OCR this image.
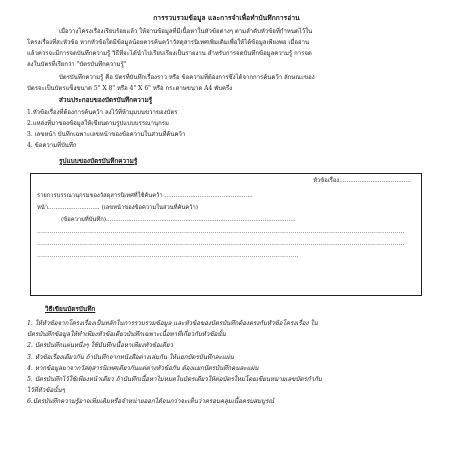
การรวบรวมข้อมูล และการจำเพื่อทำบันทึกการอ่าน
เมื่อวางโครงเรื่องเรียบร้อยแล้ว ให้อ่านข้อมูลที่มีเนื้อหาในหัวข้อต่างๆ ตามลำดับหัวข้อที่กำหนดไว้ใน
โครงเรื่องที่สะหัวข้อ หากหัวข้อใดมีข้อมูลน้อยควรค้นคว้าวัสดุสารนิเทศเพิ่มเติมเพื่อให้ได้ข้อมูลเพียงพอ เมื่ออ่าน
แล้วควรจะมีการจดบันทึกความรู้ วิธีที่จะได้นำไปเรียบเรียงเป็นรายงาน สำหรับการจดบันทึกข้อมูลความรู้ การจด
ลงในบัตรที่เรียกว่า "บัตรบันทึกความรู้"
บัตรบันทึกความรู้ คือ บัตรที่บันทึกเรื่องราว หรือ ข้อความที่ต้องการซึ่งได้จากการค้นคว้า ลักษณะของ
บัตรจะเป็นบัตรแข็งขนาด 5" X 8" หรือ 4" X 6" หรือ กระดาษขนาด A4 พับครึ่ง
ส่วนประกอบของบัตรบันทึกความรู้
1.หัวข้อเรื่องที่ต้องการค้นคว้า ลงไว้ที่ห้ามุมบนขวาของบัตร
2.แหล่งที่มาของข้อมูลให้เขียนตามรูปแบบบรรณานุกรม
3. เลขหน้า บันทึกเฉพาะเลขหน้าของข้อความในส่วนที่ค้นคว้า
4. ข้อความที่บันทึก
รูปแบบของบัตรบันทึกความรู้
หัวข้อเรื่อง.......................................
รายการบรรณานุกรมของวัสดุสารนิเทศที่ใช้ค้นคว้า ................................................
หน้า............................ (เลขหน้าของข้อความในส่วนที่ค้นคว้า)
(ข้อความที่บันทึก).......................................................................................................
....................................................................................................................................................................................
....................................................................................................................................................................................
................................................................................................................................
วิธีเขียนบัตรบันทึก
1. ให้หัวข้อจากโครงเรื่องเป็นหลักในการรวบรวมข้อมูล และหัวข้อของบัตรบันทึกต้องตรงกับหัวข้อโครงเรื่อง ใน
บัตรบันทึกข้อมูลให้ทำเพียงหัวข้อเดียวบันทึกเฉพาะเนื้อหาที่เกี่ยวกับหัวข้อนั้น
2. บัตรบันทึกแผ่นหนึ่งๆ ใช้บันทึกเนื้อหาเพียงหัวข้อเดียว
3. หัวข้อเรื่องเดียวกัน ถ้าบันทึกจากหนังสือต่างเล่มกัน ให้แยกบัตรบันทึกละแผ่น
4. หากข้อมูลมาจากวัสดุสารนิเทศเดียวกันแต่ต่างหัวข้อกัน ต้องแยกบัตรบันทึกคนละแผ่น
5. บัตรบันทึกไว้ใช้เพียงหน้าเดียว ถ้าบันทึกเนื้อหาไม่หมดในบัตรเดียวให้ต่อบัตรใหม่โดยเขียนหมายเลขบัตรกำกับ
ไว้ที่หัวข้อนั้นๆ
6.บัตรบันทึกความรู้อาจเพิ่มเติมหรือจำหน่ายออกได้จนกว่าจะเห็นว่าครอบคลุมเนื้อครบสมบูรณ์
